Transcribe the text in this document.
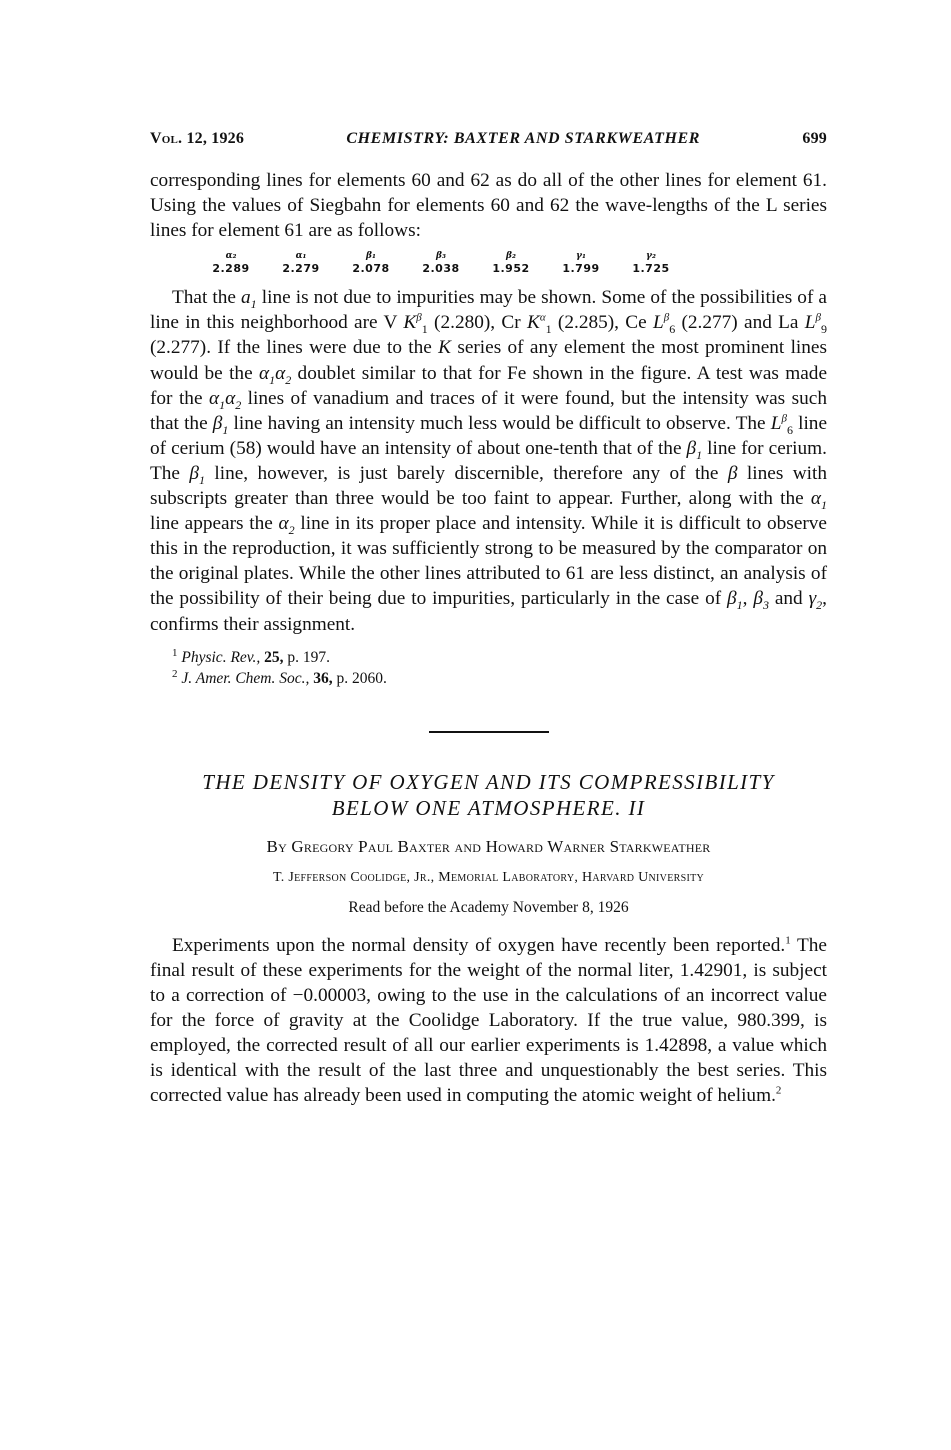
Vol. 12, 1926	CHEMISTRY: BAXTER AND STARKWEATHER	699

corresponding lines for elements 60 and 62 as do all of the other lines for element 61. Using the values of Siegbahn for elements 60 and 62 the wave-lengths of the L series lines for element 61 are as follows:

α₂
2.289
α₁
2.279
β₁
2.078
β₃
2.038
β₂
1.952
γ₁
1.799
γ₂
1.725

That the $a_1$ line is not due to impurities may be shown. Some of the possibilities of a line in this neighborhood are V $K^\beta_1$ (2.280), Cr $K^\alpha_1$ (2.285), Ce $L^\beta_6$ (2.277) and La $L^\beta_9$ (2.277). If the lines were due to the K series of any element the most prominent lines would be the $\alpha_1\alpha_2$ doublet similar to that for Fe shown in the figure. A test was made for the $\alpha_1\alpha_2$ lines of vanadium and traces of it were found, but the intensity was such that the $\beta_1$ line having an intensity much less would be difficult to observe. The $L^\beta_6$ line of cerium (58) would have an intensity of about one-tenth that of the $\beta_1$ line for cerium. The $\beta_1$ line, however, is just barely discernible, therefore any of the β lines with subscripts greater than three would be too faint to appear. Further, along with the $\alpha_1$ line appears the $\alpha_2$ line in its proper place and intensity. While it is difficult to observe this in the reproduction, it was sufficiently strong to be measured by the comparator on the original plates. While the other lines attributed to 61 are less distinct, an analysis of the possibility of their being due to impurities, particularly in the case of $\beta_1$, $\beta_3$ and $\gamma_2$, confirms their assignment.

$^1$ Physic. Rev., 25, p. 197.
$^2$ J. Amer. Chem. Soc., 36, p. 2060.
THE DENSITY OF OXYGEN AND ITS COMPRESSIBILITY
BELOW ONE ATMOSPHERE. II
By Gregory Paul Baxter and Howard Warner Starkweather
T. Jefferson Coolidge, Jr., Memorial Laboratory, Harvard University
Read before the Academy November 8, 1926

Experiments upon the normal density of oxygen have recently been reported.$^1$ The final result of these experiments for the weight of the normal liter, 1.42901, is subject to a correction of −0.00003, owing to the use in the calculations of an incorrect value for the force of gravity at the Coolidge Laboratory. If the true value, 980.399, is employed, the corrected result of all our earlier experiments is 1.42898, a value which is identical with the result of the last three and unquestionably the best series. This corrected value has already been used in computing the atomic weight of helium.$^2$
